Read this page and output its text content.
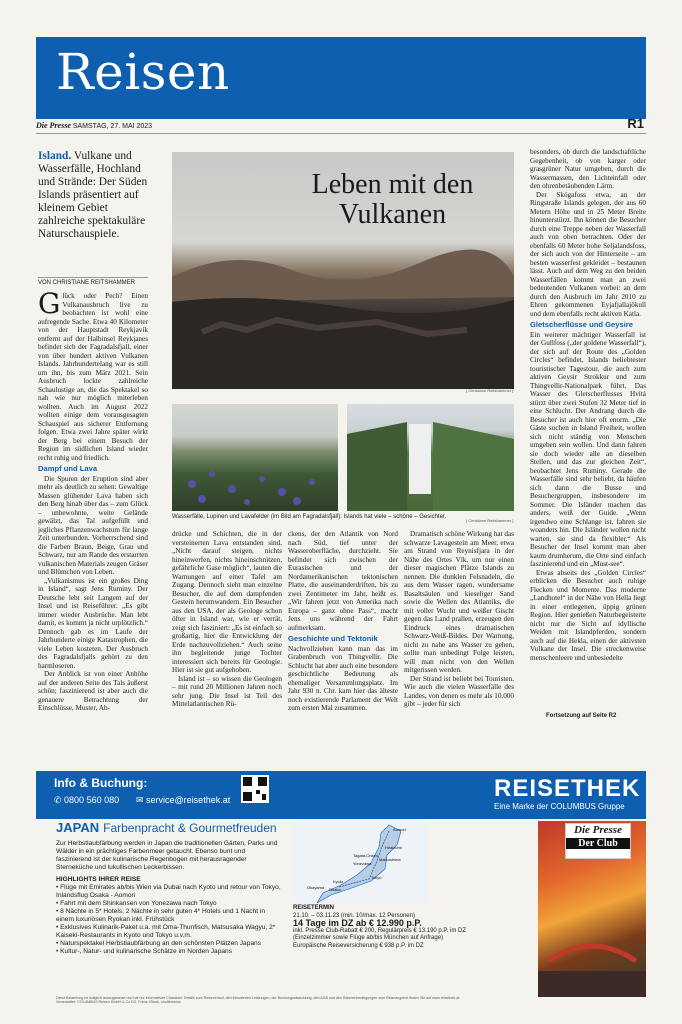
Reisen
Die Presse SAMSTAG, 27. MAI 2023	R1
Island. Vulkane und Wasserfälle, Hochland und Strände: Der Süden Islands präsentiert auf kleinem Gebiet zahlreiche spektakuläre Naturschauspiele.
VON CHRISTIANE REITSHAMMER
Glück oder Pech? Einen Vulkanausbruch live zu beobachten ist wohl eine aufregende Sache. Etwa 40 Kilometer von der Hauptstadt Reykjavík entfernt auf der Halbinsel Reykjanes befindet sich der Fagradalsfjall, einer von über hundert aktiven Vulkanen Islands. Jahrhundertelang war es still um ihn, bis zum März 2021. Sein Ausbruch lockte zahlreiche Schaulustige an, die das Spektakel so nah wie nur möglich miterleben wollten. Auch im August 2022 wollten einige dem vorausgesagten Schauspiel aus sicherer Entfernung folgen. Etwa zwei Jahre später wirkt der Berg bei einem Besuch der Region im südlichen Island wieder recht ruhig und friedlich.
Dampf und Lava

Die Spuren der Eruption sind aber mehr als deutlich zu sehen: Gewaltige Massen glühender Lava haben sich den Berg hinab über das – zum Glück – unbewohnte, weite Gelände gewälzt, das Tal aufgefüllt und jegliches Pflanzenwachstum für lange Zeit unterbunden. Vorherrschend sind die Farben Braun, Beige, Grau und Schwarz, nur am Rande des erstarrten vulkanischen Materials zeugen Gräser und Blümchen von Leben.

„Vulkanismus ist ein großes Ding in Island“, sagt Jens Ruminy. Der Deutsche lebt seit Langem auf der Insel und ist Reiseführer. „Es gibt immer wieder Ausbrüche. Man lebt damit, es kommt ja nicht urplötzlich.“ Dennoch gab es im Laufe der Jahrhunderte einige Katastrophen, die viele Leben kosteten. Der Ausbruch des Fagradalsfjalls gehört zu den harmloseren.

Der Anblick ist von einer Anhöhe auf der anderen Seite des Tals äußerst schön; faszinierend ist aber auch die genauere Betrachtung der Einschlüsse, Muster, Ab-

Leben mit den Vulkanen
[ Christiane Reitshammer ]
Wasserfälle, Lupinen und Lavafelder (im Bild am Fagradalsfjall): Islands hat viele – schöne – Gesichter.
[ Christiane Reitshammer ]

drücke und Schichten, die in der versteinerten Lava entstanden sind. „Nicht darauf steigen, nichts hineinwerfen, nichts hineinschnitzen, gefährliche Gase möglich“, lauten die Warnungen auf einer Tafel am Zugang. Dennoch sieht man einzelne Besucher, die auf dem dampfenden Gestein herumwandern. Ein Besucher aus den USA, der als Geologe schon öfter in Island war, wie er verrät, zeigt sich fasziniert: „Es ist einfach so großartig, hier die Entwicklung der Erde nachzuvollziehen.“ Auch seine ihn begleitende junge Tochter interessiert sich bereits für Geologie. Hier ist sie gut aufgehoben.

Island ist – so wissen die Geologen – mit rund 20 Millionen Jahren noch sehr jung. Die Insel ist Teil des Mittelatlantischen Rü-

ckens, der den Atlantik von Nord nach Süd, tief unter der Wasseroberfläche, durchzieht. Sie befindet sich zwischen der Eurasischen und der Nordamerikanischen tektonischen Platte, die auseinanderdriften, bis zu zwei Zentimeter im Jahr, heißt es. „Wir fahren jetzt von Amerika nach Europa – ganz ohne Pass“, macht Jens uns während der Fahrt aufmerksam.

Geschichte und Tektonik

Nachvollziehen kann man das im Grabenbruch von Thingvellir. Die Schlucht hat aber auch eine besondere geschichtliche Bedeutung als ehemaliger Versammlungsplatz. Im Jahr 930 n. Chr. kam hier das älteste noch existierende Parlament der Welt zum ersten Mal zusammen.

Dramatisch schöne Wirkung hat das schwarze Lavagestein am Meer, etwa am Strand von Reynisfjara in der Nähe des Ortes Vík, um nur einen dieser magischen Plätze Islands zu nennen. Die dunklen Felsnadeln, die aus dem Wasser ragen, wundersame Basaltsäulen und kieseliger Sand sowie die Wellen des Atlantiks, die mit voller Wucht und weißer Gischt gegen das Land prallen, erzeugen den Eindruck eines dramatischen Schwarz-Weiß-Bildes. Der Warnung, nicht zu nahe ans Wasser zu gehen, sollte man unbedingt Folge leisten, will man nicht von den Wellen mitgerissen werden.

Der Strand ist beliebt bei Touristen. Wie auch die vielen Wasserfälle des Landes, von denen es mehr als 10.000 gibt – jeder für sich

besonders, ob durch die landschaftliche Gegebenheit, ob von karger oder grasgrüner Natur umgeben, durch die Wassermassen, den Lichteinfall oder den ohrenbetäubenden Lärm.

Der Skógafoss etwa, an der Ringstraße Islands gelegen, der aus 60 Metern Höhe und in 25 Meter Breite hinunterstürzt. Ihn können die Besucher durch eine Treppe neben der Wasserfall auch von oben betrachten. Oder der ebenfalls 60 Meter hohe Seljalandsfoss, der sich auch von der Hinterseite – am besten wasserfest gekleidet – bestaunen lässt. Auch auf dem Weg zu den beiden Wasserfällen kommt man an zwei bedeutenden Vulkanen vorbei: an dem durch den Ausbruch im Jahr 2010 zu Ehren gekommenen Eyjafjallajökull und dem ebenfalls recht aktiven Katla.

Gletscherflüsse und Geysire

Ein weiterer mächtiger Wasserfall ist der Gullfoss („der goldene Wasserfall“), der sich auf der Route des „Golden Circles“ befindet, Islands beliebtester touristischer Tagestour, die auch zum aktiven Geysir Strokkur und zum Thingvellir-Nationalpark führt. Das Wasser des Gletscherflusses Hvítá stürzt über zwei Stufen 32 Meter tief in eine Schlucht. Der Andrang durch die Besucher ist auch hier oft enorm. „Die Gäste suchen in Island Freiheit, wollen sich nicht ständig von Menschen umgeben sein wollen. Und dann fahren sie doch wieder alle an dieselben Stellen, und das zur gleichen Zeit“, beobachtet Jens Ruminy. Gerade die Wasserfälle sind sehr beliebt, da häufen sich dann die Busse und Besuchergruppen, insbesondere im Sommer. Die Isländer machen das anders, weiß der Guide. „Wenn irgendwo eine Schlange ist, fahren sie woanders hin. Die Isländer wollen nicht warten, sie sind da flexibler.“ Als Besucher der Insel kommt man aber kaum drumherum, die Orte sind einfach faszinierend und ein „Must-see“.

Etwas abseits des „Golden Circles“ erblicken die Besucher auch ruhige Flecken und Momente. Das moderne „Landhotel“ in der Nähe von Hella liegt in einer entlegenen, üppig grünen Region. Hier genießen Naturbegeisterte nicht nur die Sicht auf idyllische Weiden mit Islandpferden, sondern auch auf die Hekla, einen der aktivsten Vulkane der Insel. Die streckenweise menschenleere und unbesiedelte

Fortsetzung auf Seite R2
Info & Buchung:
✆ 0800 560 080 ✉ service@reisethek.at	REISETHEK
Eine Marke der COLUMBUS Gruppe
JAPAN Farbenpracht & Gourmetfreuden
Zur Herbstlaubfärbung werden in Japan die traditionellen Gärten, Parks und Wälder in ein prächtiges Farbenmeer getaucht. Ebenso bunt und faszinierend ist der kulinarische Regenbogen mit herausragender Sterneküche und lukullischen Leckerbissen.
HIGHLIGHTS IHRER REISE
• Flüge mit Emirates ab/bis Wien via Dubai nach Kyoto und retour von Tokyo, Inlandsflug Osaka - Aomori
• Fahrt mit dem Shinkansen von Yonezawa nach Tokyo
• 8 Nächte in 5* Hotels, 2 Nächte in sehr guten 4* Hotels und 1 Nacht in einem luxuriösen Ryokan inkl. Frühstück
• Exklusives Kulinarik-Paket u.a. mit Oma-Thunfisch, Matsusaka Wagyu, 2* Kaiseki-Restaurants in Kyoto und Tokyo u.v.m.
• Naturspektakel Herbstlaubfärbung an den schönsten Plätzen Japans
• Kultur-, Natur- und kulinarische Schätze im Norden Japans
Aomori
Hiraizumi
Tagata-Onsen
Matsushima
Yonezawa
Tokyo
Kyoto
Osaka
Okayama
REISETERMIN
21.10. – 03.11.23 (min. 10/max. 12 Personen)
14 Tage im DZ ab € 12.990 p.P.
inkl. Presse Club-Rabatt € 200, Regulärpreis € 13.190 p.P. im DZ
(Einzelzimmer sowie Flüge ab/bis München auf Anfrage)
Europäische Reiseversicherung € 938 p.P. im DZ
Die Presse
Der Club
Diese Bewertung ist lediglich auszugsweise und hat nur informativen Charakter. Details zum Reiseverlauf, den inkludierten Leistungen, der Buchungsabwicklung, den AGB und den Rahmenbedingungen zum Reiseangebot finden Sie auf www.reisethek.at. Veranstalter: COLUMBUS Reisen GmbH & Co KG. Fotos: iStock, shutterstock.
